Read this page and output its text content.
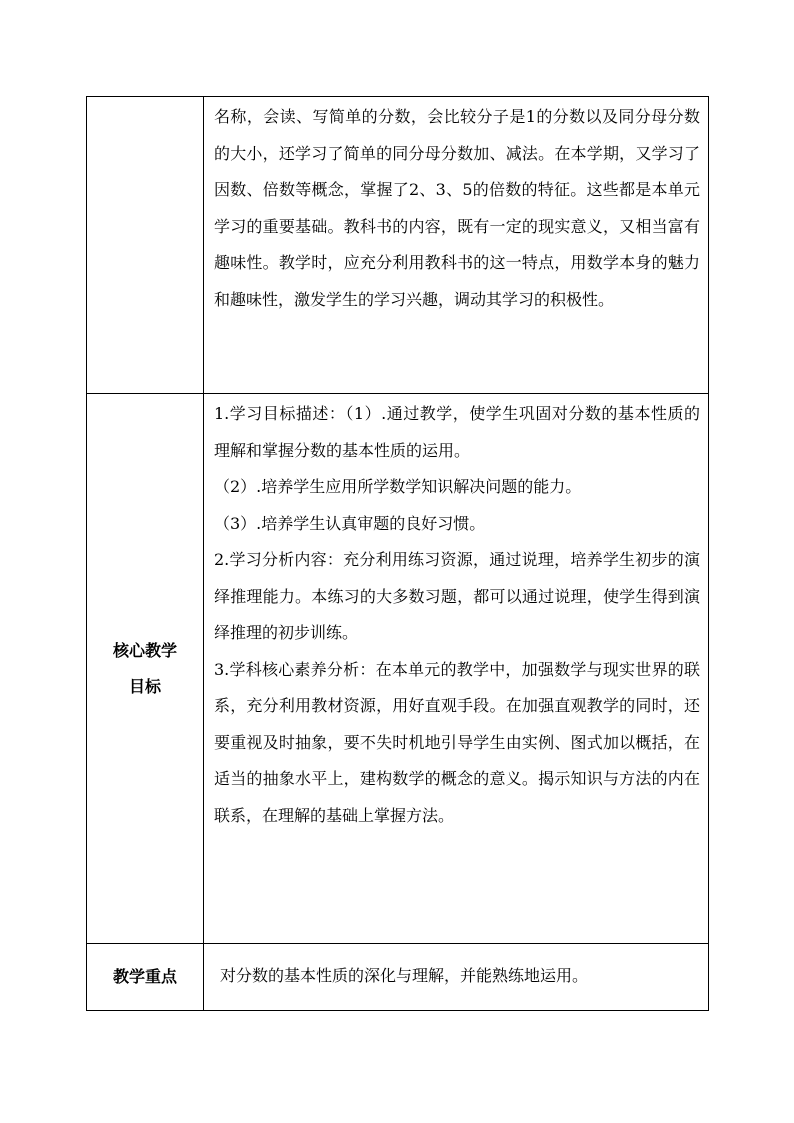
	名称，会读、写简单的分数，会比较分子是1的分数以及同分母分数的大小，还学习了简单的同分母分数加、减法。在本学期，又学习了因数、倍数等概念，掌握了2、3、5的倍数的特征。这些都是本单元学习的重要基础。教科书的内容，既有一定的现实意义，又相当富有趣味性。教学时，应充分利用教科书的这一特点，用数学本身的魅力和趣味性，激发学生的学习兴趣，调动其学习的积极性。

核心教学
目标	1.学习目标描述：（1）.通过教学，使学生巩固对分数的基本性质的理解和掌握分数的基本性质的运用。
（2）.培养学生应用所学数学知识解决问题的能力。
（3）.培养学生认真审题的良好习惯。
2.学习分析内容：充分利用练习资源，通过说理，培养学生初步的演绎推理能力。本练习的大多数习题，都可以通过说理，使学生得到演绎推理的初步训练。
3.学科核心素养分析：在本单元的教学中，加强数学与现实世界的联系，充分利用教材资源，用好直观手段。在加强直观教学的同时，还要重视及时抽象，要不失时机地引导学生由实例、图式加以概括，在适当的抽象水平上，建构数学的概念的意义。揭示知识与方法的内在联系，在理解的基础上掌握方法。

教学重点	对分数的基本性质的深化与理解，并能熟练地运用。
